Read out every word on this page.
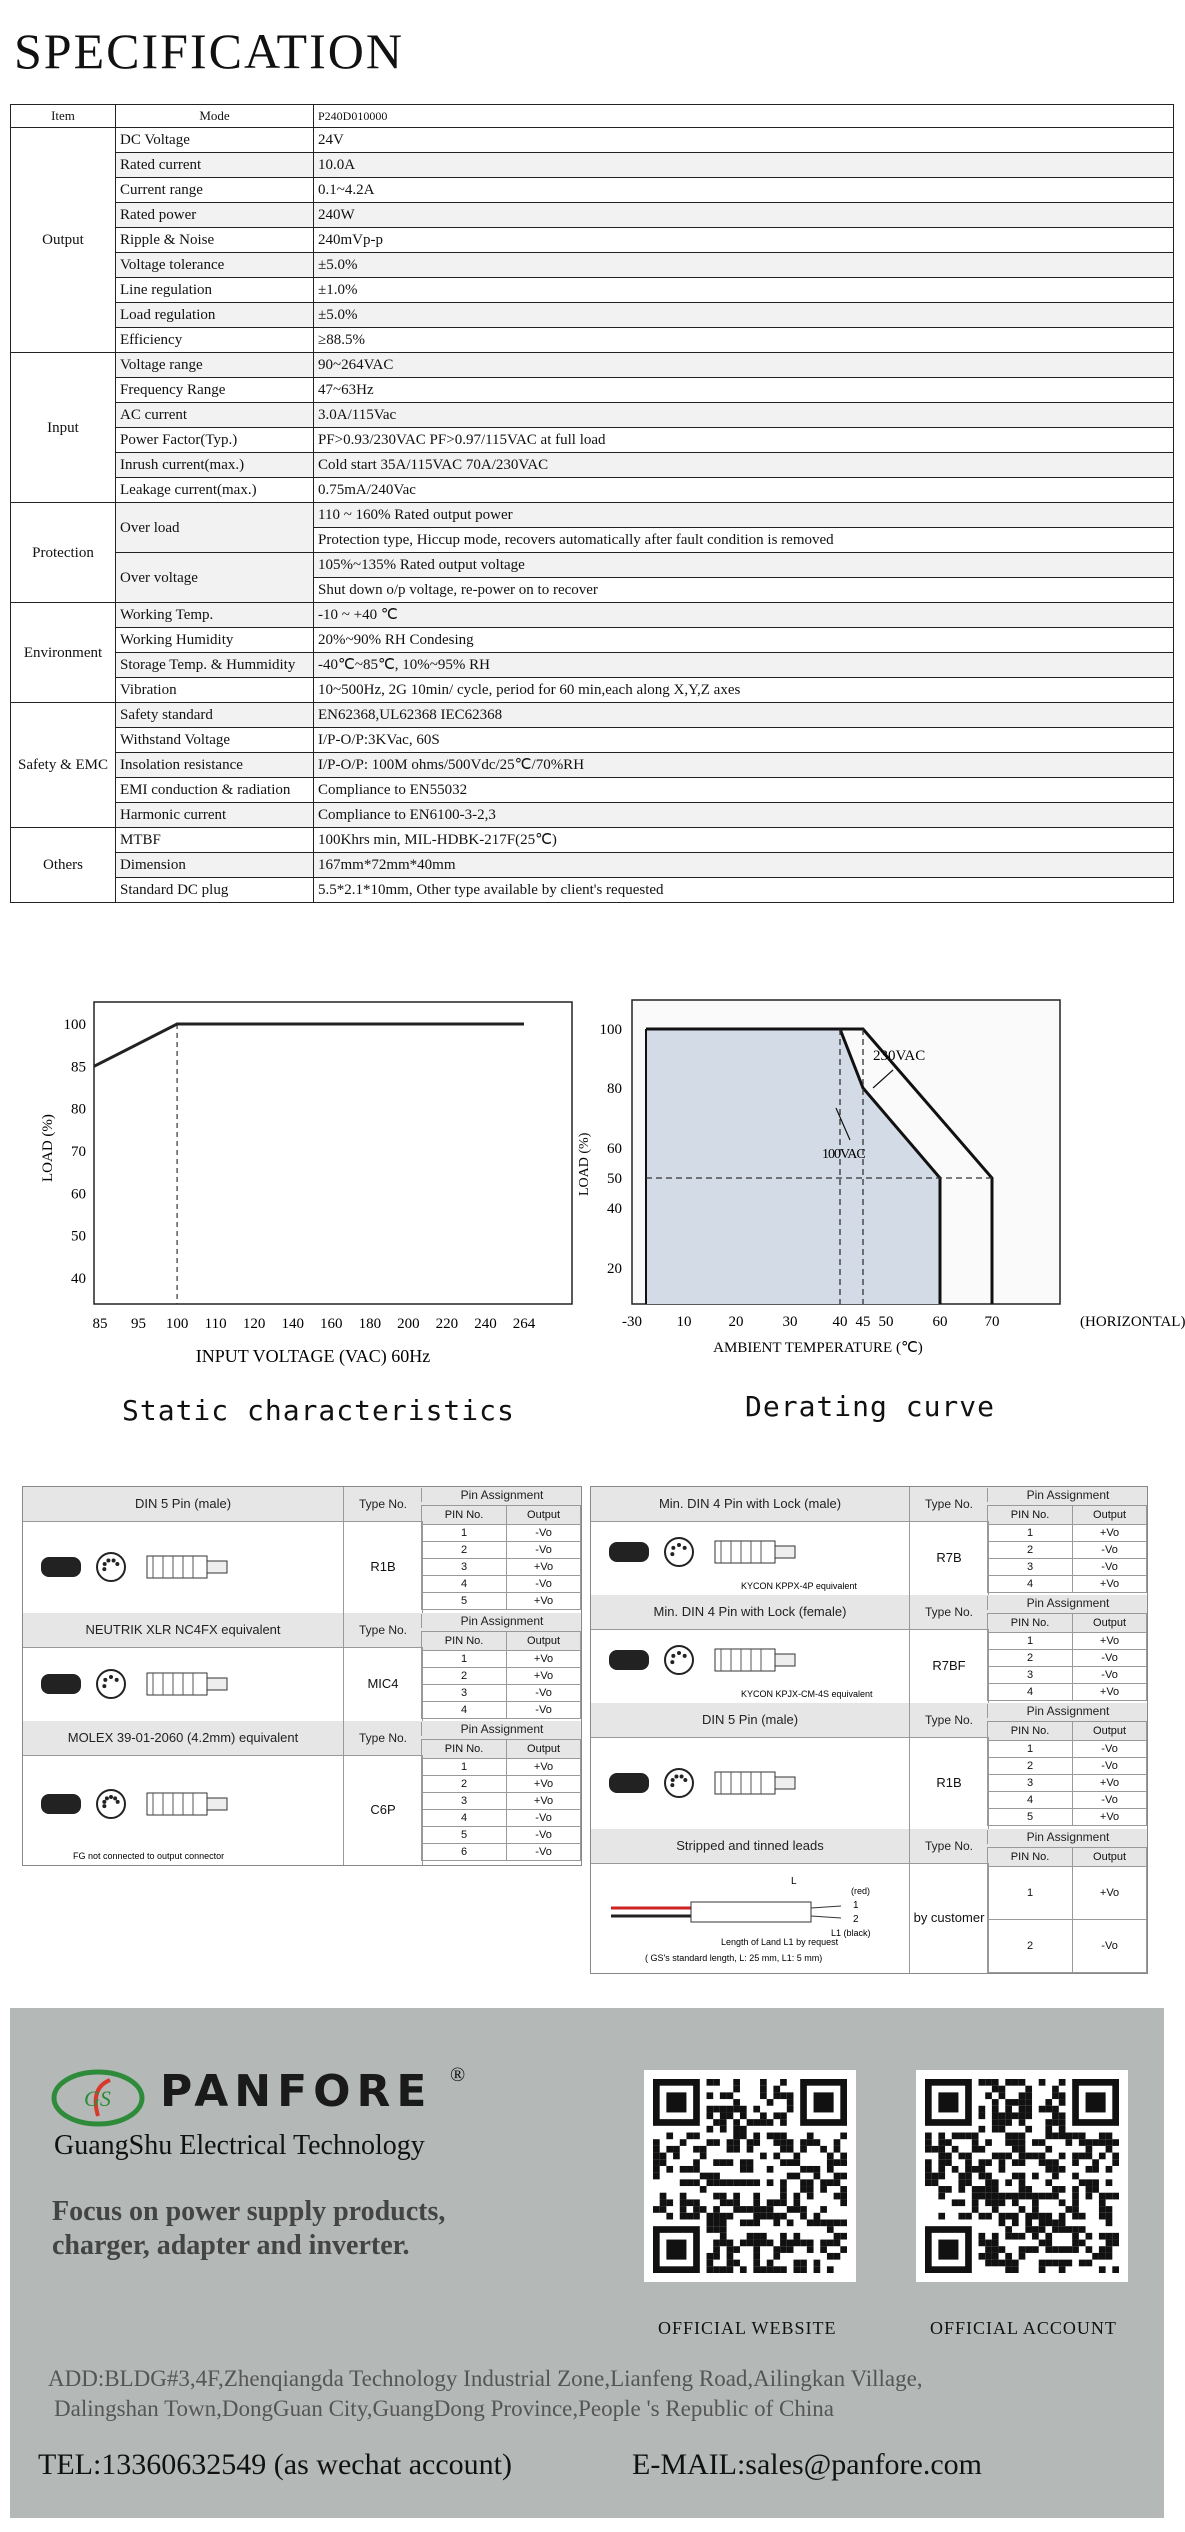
SPECIFICATION
Item	Mode	P240D010000
Output	DC Voltage	24V
	Rated current	10.0A
	Current range	0.1~4.2A
	Rated power	240W
	Ripple & Noise	240mVp-p
	Voltage tolerance	±5.0%
	Line regulation	±1.0%
	Load regulation	±5.0%
	Efficiency	≥88.5%
Input	Voltage range	90~264VAC
	Frequency Range	47~63Hz
	AC current	3.0A/115Vac
	Power Factor(Typ.)	PF>0.93/230VAC PF>0.97/115VAC at full load
	Inrush current(max.)	Cold start 35A/115VAC 70A/230VAC
	Leakage current(max.)	0.75mA/240Vac
Protection	Over load	110 ~ 160% Rated output power
		Protection type, Hiccup mode, recovers automatically after fault condition is removed
	Over voltage	105%~135% Rated output voltage
		Shut down o/p voltage, re-power on to recover
Environment	Working Temp.	-10 ~ +40 ℃
	Working Humidity	20%~90% RH Condesing
	Storage Temp. & Hummidity	-40℃~85℃, 10%~95% RH
	Vibration	10~500Hz, 2G 10min/ cycle, period for 60 min,each along X,Y,Z axes
Safety & EMC	Safety standard	EN62368,UL62368 IEC62368
	Withstand Voltage	I/P-O/P:3KVac, 60S
	Insolation resistance	I/P-O/P: 100M ohms/500Vdc/25℃/70%RH
	EMI conduction & radiation	Compliance to EN55032
	Harmonic current	Compliance to EN6100-3-2,3
Others	MTBF	100Khrs min, MIL-HDBK-217F(25℃)
	Dimension	167mm*72mm*40mm
	Standard DC plug	5.5*2.1*10mm, Other type available by client's requested
100
85
80
70
60
50
40
85 95 100 110 120 140 160 180 200 220 240 264
LOAD (%)
INPUT VOLTAGE (VAC) 60Hz
Static characteristics
-30 10 20	30 40 45 50	60 70
100
80
60
50
40
20
230VAC
100VAC
LOAD (%)
AMBIENT TEMPERATURE (℃)
(HORIZONTAL)
Derating curve
DIN 5 Pin (male)	Type No.
Pin Assignment
PIN No.	Output
1	-Vo
2	-Vo
3	+Vo
4	-Vo
5	+Vo
R1B
NEUTRIK XLR NC4FX equivalent	Type No.
Pin Assignment
PIN No.	Output
1	+Vo
2	+Vo
3	-Vo
4	-Vo
MIC4
MOLEX 39-01-2060 (4.2mm) equivalent	Type No.
Pin Assignment
PIN No.	Output
1	+Vo
2	+Vo
3	+Vo
4	-Vo
5	-Vo
6	-Vo
C6P
FG not connected to output connector
Min. DIN 4 Pin with Lock (male)	Type No.
Pin Assignment
PIN No.	Output
1	+Vo
2	-Vo
3	-Vo
4	+Vo
R7B
KYCON KPPX-4P equivalent
Min. DIN 4 Pin with Lock (female)	Type No.
Pin Assignment
PIN No.	Output
1	+Vo
2	-Vo
3	-Vo
4	+Vo
R7BF
KYCON KPJX-CM-4S equivalent
DIN 5 Pin (male)	Type No.
Pin Assignment
PIN No.	Output
1	-Vo
2	-Vo
3	+Vo
4	-Vo
5	+Vo
R1B
Stripped and tinned leads	Type No.
Pin Assignment
PIN No.	Output
1	+Vo
2	-Vo
by customer
L
(red)
1
2
L1 (black)
Length of Land L1 by request
( GS's standard length, L: 25 mm, L1: 5 mm)
GS PANFORE ®
GuangShu Electrical Technology
Focus on power supply products,
charger, adapter and inverter.
OFFICIAL WEBSITE	OFFICIAL ACCOUNT
ADD:BLDG#3,4F,Zhenqiangda Technology Industrial Zone,Lianfeng Road,Ailingkan Village,
Dalingshan Town,DongGuan City,GuangDong Province,People 's Republic of China
TEL:13360632549 (as wechat account)	E-MAIL:sales@panfore.com
